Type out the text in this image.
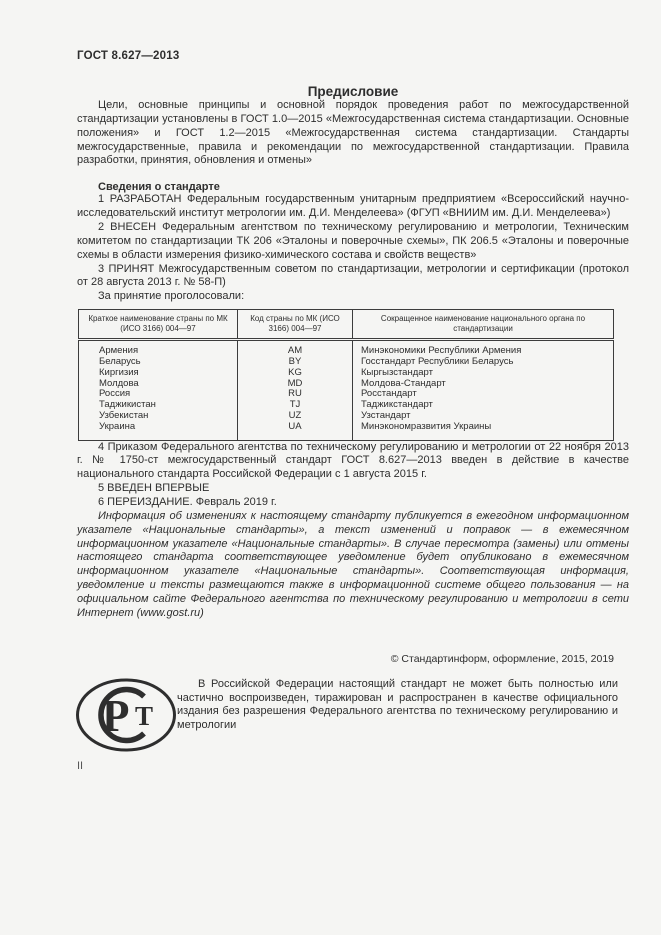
ГОСТ 8.627—2013
Предисловие

Цели, основные принципы и основной порядок проведения работ по межгосударственной стандартизации установлены в ГОСТ 1.0—2015 «Межгосударственная система стандартизации. Основные положения» и ГОСТ 1.2—2015 «Межгосударственная система стандартизации. Стандарты межгосударственные, правила и рекомендации по межгосударственной стандартизации. Правила разработки, принятия, обновления и отмены»

Сведения о стандарте

1 РАЗРАБОТАН Федеральным государственным унитарным предприятием «Всероссийский научно-исследовательский институт метрологии им. Д.И. Менделеева» (ФГУП «ВНИИМ им. Д.И. Менделеева»)

2 ВНЕСЕН Федеральным агентством по техническому регулированию и метрологии, Техническим комитетом по стандартизации ТК 206 «Эталоны и поверочные схемы», ПК 206.5 «Эталоны и поверочные схемы в области измерения физико-химического состава и свойств веществ»

3 ПРИНЯТ Межгосударственным советом по стандартизации, метрологии и сертификации (протокол от 28 августа 2013 г. № 58-П)

За принятие проголосовали:

Краткое наименование страны по МК (ИСО 3166) 004—97	Код страны по МК (ИСО 3166) 004—97	Сокращенное наименование национального органа по стандартизации
Армения	AM	Минэкономики Республики Армения
Беларусь	BY	Госстандарт Республики Беларусь
Киргизия	KG	Кыргызстандарт
Молдова	MD	Молдова-Стандарт
Россия	RU	Росстандарт
Таджикистан	TJ	Таджикстандарт
Узбекистан	UZ	Узстандарт
Украина	UA	Минэкономразвития Украины

4 Приказом Федерального агентства по техническому регулированию и метрологии от 22 ноября 2013 г. № 1750-ст межгосударственный стандарт ГОСТ 8.627—2013 введен в действие в качестве национального стандарта Российской Федерации с 1 августа 2015 г.

5 ВВЕДЕН ВПЕРВЫЕ

6 ПЕРЕИЗДАНИЕ. Февраль 2019 г.

Информация об изменениях к настоящему стандарту публикуется в ежегодном информационном указателе «Национальные стандарты», а текст изменений и поправок — в ежемесячном информационном указателе «Национальные стандарты». В случае пересмотра (замены) или отмены настоящего стандарта соответствующее уведомление будет опубликовано в ежемесячном информационном указателе «Национальные стандарты». Соответствующая информация, уведомление и тексты размещаются также в информационной системе общего пользования — на официальном сайте Федерального агентства по техническому регулированию и метрологии в сети Интернет (www.gost.ru)

© Стандартинформ, оформление, 2015, 2019
Р Т

В Российской Федерации настоящий стандарт не может быть полностью или частично воспроизведен, тиражирован и распространен в качестве официального издания без разрешения Федерального агентства по техническому регулированию и метрологии

II
